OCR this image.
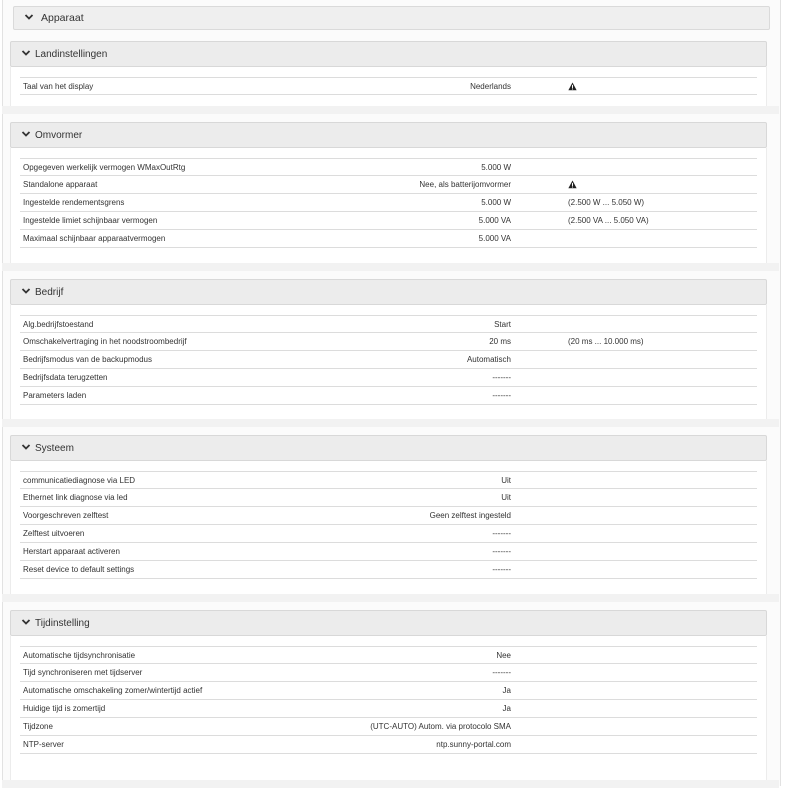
Apparaat
Landinstellingen
Taal van het display	Nederlands
Omvormer
Opgegeven werkelijk vermogen WMaxOutRtg	5.000 W
Standalone apparaat	Nee, als batterijomvormer
Ingestelde rendementsgrens	5.000 W	(2.500 W ... 5.050 W)
Ingestelde limiet schijnbaar vermogen	5.000 VA	(2.500 VA ... 5.050 VA)
Maximaal schijnbaar apparaatvermogen	5.000 VA
Bedrijf
Alg.bedrijfstoestand	Start
Omschakelvertraging in het noodstroombedrijf	20 ms	(20 ms ... 10.000 ms)
Bedrijfsmodus van de backupmodus	Automatisch
Bedrijfsdata terugzetten	-------
Parameters laden	-------
Systeem
communicatiediagnose via LED	Uit
Ethernet link diagnose via led	Uit
Voorgeschreven zelftest	Geen zelftest ingesteld
Zelftest uitvoeren	-------
Herstart apparaat activeren	-------
Reset device to default settings	-------
Tijdinstelling
Automatische tijdsynchronisatie	Nee
Tijd synchroniseren met tijdserver	-------
Automatische omschakeling zomer/wintertijd actief	Ja
Huidige tijd is zomertijd	Ja
Tijdzone	(UTC-AUTO) Autom. via protocolo SMA
NTP-server	ntp.sunny-portal.com
